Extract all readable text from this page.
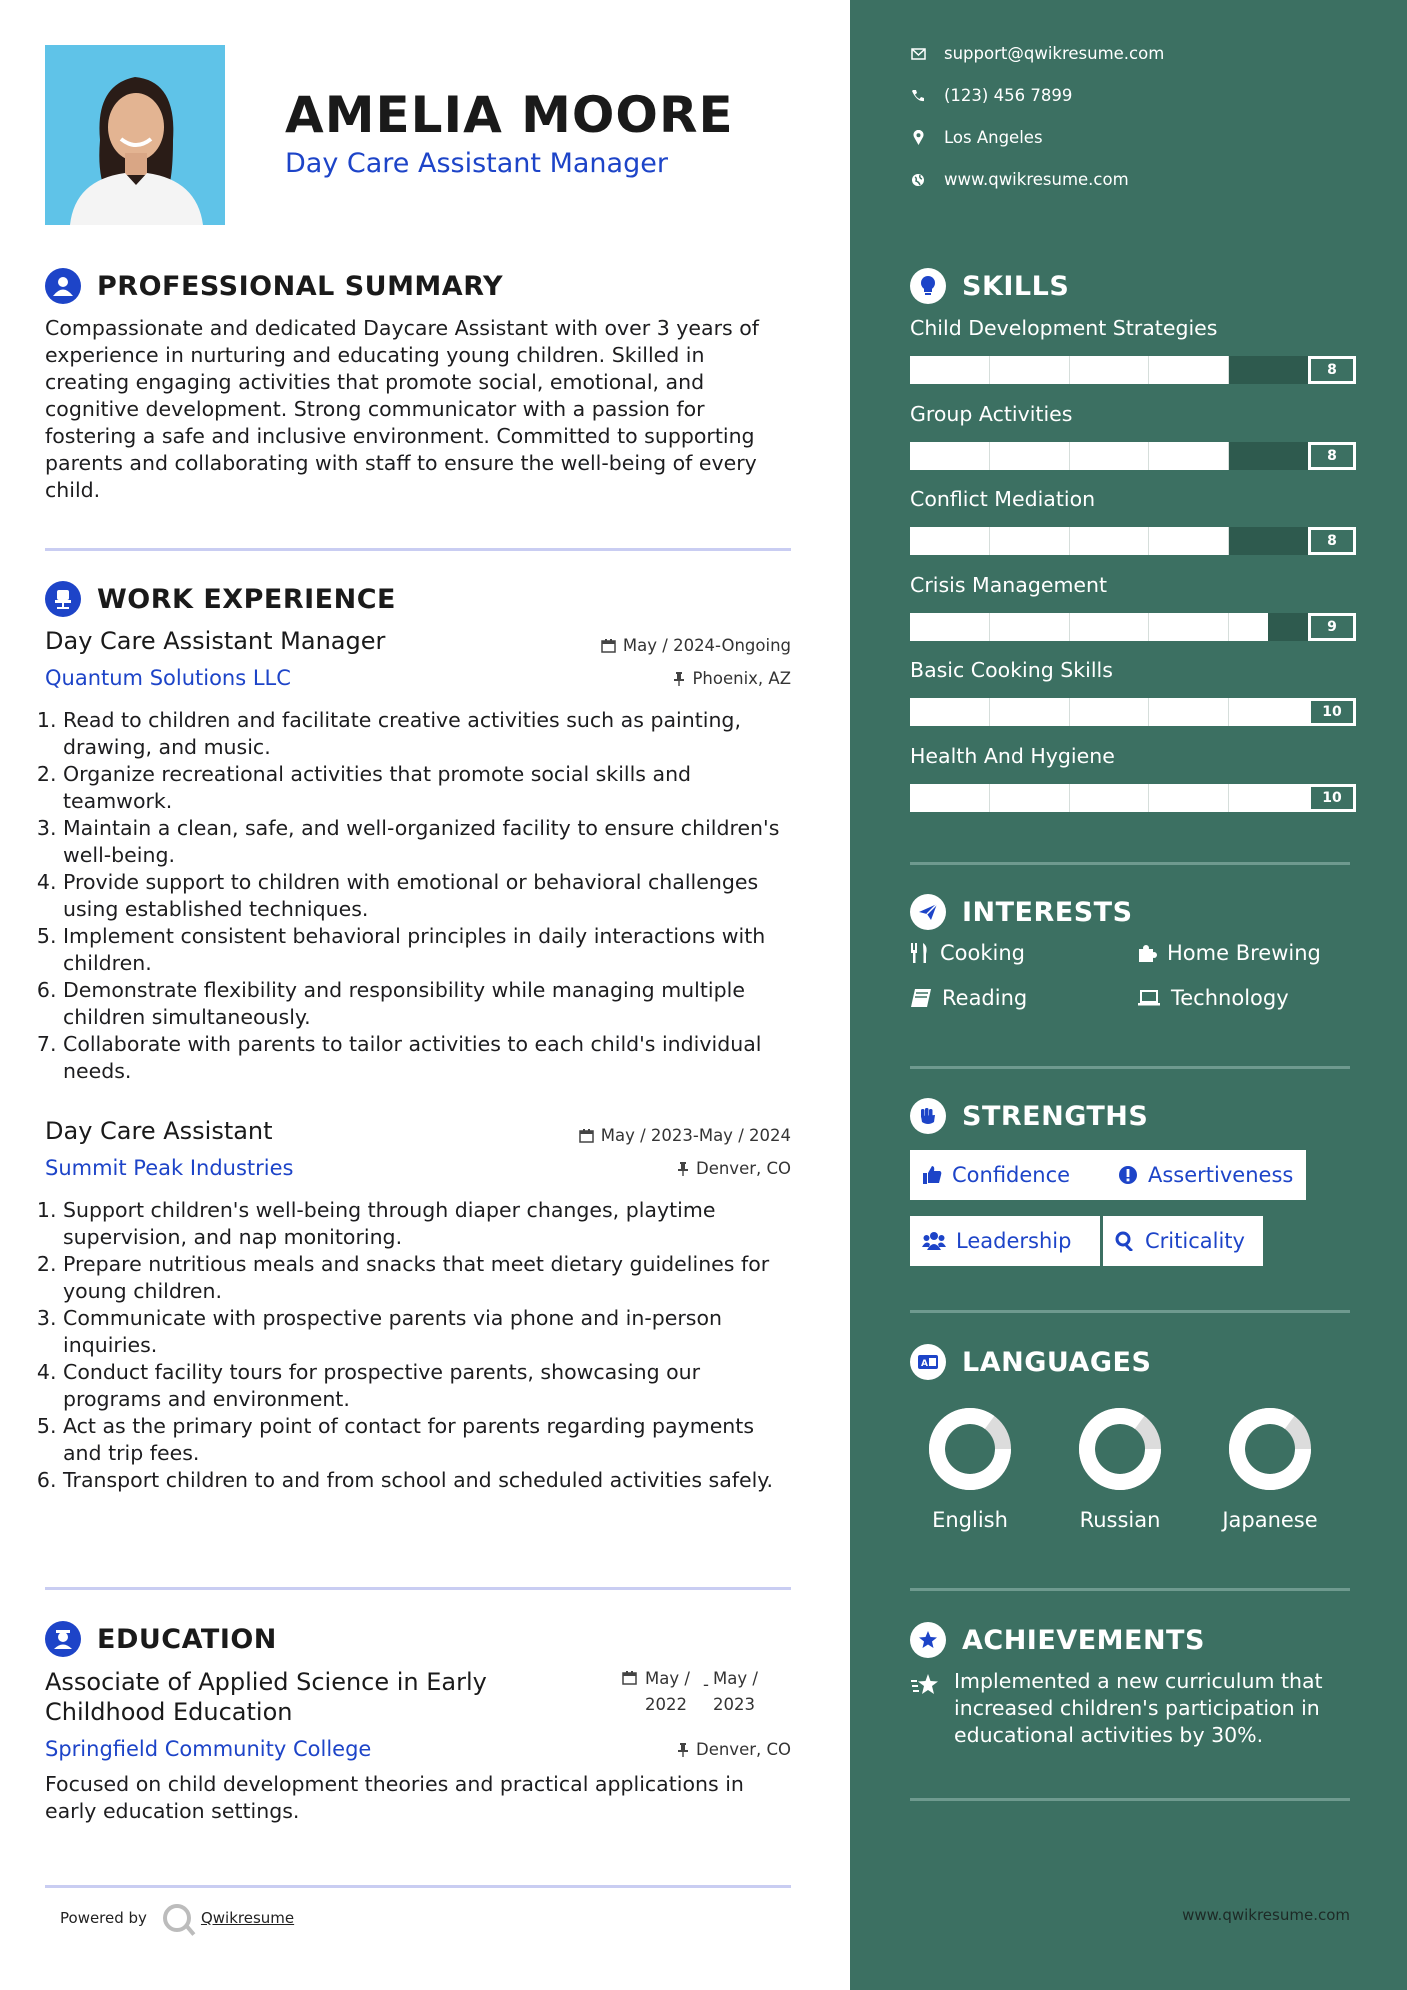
AMELIA MOORE
Day Care Assistant Manager
PROFESSIONAL SUMMARY
Compassionate and dedicated Daycare Assistant with over 3 years of experience in nurturing and educating young children. Skilled in creating engaging activities that promote social, emotional, and cognitive development. Strong communicator with a passion for fostering a safe and inclusive environment. Committed to supporting parents and collaborating with staff to ensure the well-being of every child.
WORK EXPERIENCE
Day Care Assistant Manager	May / 2024-Ongoing
Quantum Solutions LLC	Phoenix, AZ
1. Read to children and facilitate creative activities such as painting, drawing, and music.
2. Organize recreational activities that promote social skills and teamwork.
3. Maintain a clean, safe, and well-organized facility to ensure children's well-being.
4. Provide support to children with emotional or behavioral challenges using established techniques.
5. Implement consistent behavioral principles in daily interactions with children.
6. Demonstrate flexibility and responsibility while managing multiple children simultaneously.
7. Collaborate with parents to tailor activities to each child's individual needs.
Day Care Assistant	May / 2023-May / 2024
Summit Peak Industries	Denver, CO
1. Support children's well-being through diaper changes, playtime supervision, and nap monitoring.
2. Prepare nutritious meals and snacks that meet dietary guidelines for young children.
3. Communicate with prospective parents via phone and in-person inquiries.
4. Conduct facility tours for prospective parents, showcasing our programs and environment.
5. Act as the primary point of contact for parents regarding payments and trip fees.
6. Transport children to and from school and scheduled activities safely.
EDUCATION
Associate of Applied Science in Early Childhood Education
May / 2022
- May / 2023
Springfield Community College	Denver, CO
Focused on child development theories and practical applications in early education settings.
Powered by	Qwikresume
support@qwikresume.com
(123) 456 7899
Los Angeles
www.qwikresume.com
SKILLS
Child Development Strategies
8
Group Activities
8
Conflict Mediation
8
Crisis Management
9
Basic Cooking Skills
10
Health And Hygiene
10
INTERESTS
Cooking	Home Brewing
Reading	Technology
STRENGTHS
Confidence	Assertiveness
Leadership	Criticality
A LANGUAGES
English	Russian	Japanese
ACHIEVEMENTS
Implemented a new curriculum that increased children's participation in educational activities by 30%.
www.qwikresume.com
